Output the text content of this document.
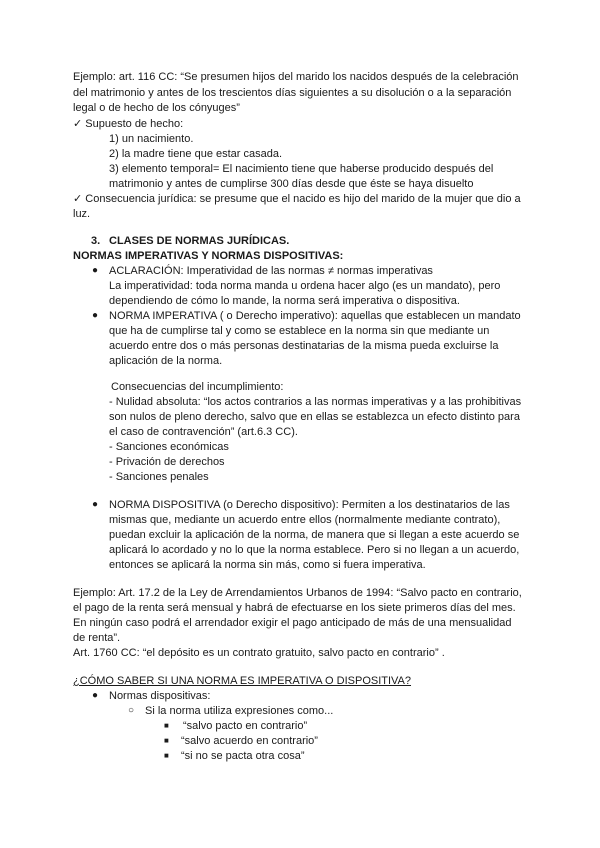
Ejemplo: art. 116 CC: “Se presumen hijos del marido los nacidos después de la celebración
del matrimonio y antes de los trescientos días siguientes a su disolución o a la separación
legal o de hecho de los cónyuges”
✓ Supuesto de hecho:
1) un nacimiento.
2) la madre tiene que estar casada.
3) elemento temporal= El nacimiento tiene que haberse producido después del
matrimonio y antes de cumplirse 300 días desde que éste se haya disuelto
✓ Consecuencia jurídica: se presume que el nacido es hijo del marido de la mujer que dio a
luz.
3. CLASES DE NORMAS JURÍDICAS.
NORMAS IMPERATIVAS Y NORMAS DISPOSITIVAS:
● ACLARACIÓN: Imperatividad de las normas ≠ normas imperativas
La imperatividad: toda norma manda u ordena hacer algo (es un mandato), pero
dependiendo de cómo lo mande, la norma será imperativa o dispositiva.
● NORMA IMPERATIVA ( o Derecho imperativo): aquellas que establecen un mandato
que ha de cumplirse tal y como se establece en la norma sin que mediante un
acuerdo entre dos o más personas destinatarias de la misma pueda excluirse la
aplicación de la norma.
Consecuencias del incumplimiento:
- Nulidad absoluta: “los actos contrarios a las normas imperativas y a las prohibitivas
son nulos de pleno derecho, salvo que en ellas se establezca un efecto distinto para
el caso de contravención” (art.6.3 CC).
- Sanciones económicas
- Privación de derechos
- Sanciones penales
● NORMA DISPOSITIVA (o Derecho dispositivo): Permiten a los destinatarios de las
mismas que, mediante un acuerdo entre ellos (normalmente mediante contrato),
puedan excluir la aplicación de la norma, de manera que si llegan a este acuerdo se
aplicará lo acordado y no lo que la norma establece. Pero si no llegan a un acuerdo,
entonces se aplicará la norma sin más, como si fuera imperativa.
Ejemplo: Art. 17.2 de la Ley de Arrendamientos Urbanos de 1994: “Salvo pacto en contrario,
el pago de la renta será mensual y habrá de efectuarse en los siete primeros días del mes.
En ningún caso podrá el arrendador exigir el pago anticipado de más de una mensualidad
de renta”.
Art. 1760 CC: “el depósito es un contrato gratuito, salvo pacto en contrario” .
¿CÓMO SABER SI UNA NORMA ES IMPERATIVA O DISPOSITIVA?
● Normas dispositivas:
○ Si la norma utiliza expresiones como...
■ “salvo pacto en contrario”
■ “salvo acuerdo en contrario”
■ “si no se pacta otra cosa”
